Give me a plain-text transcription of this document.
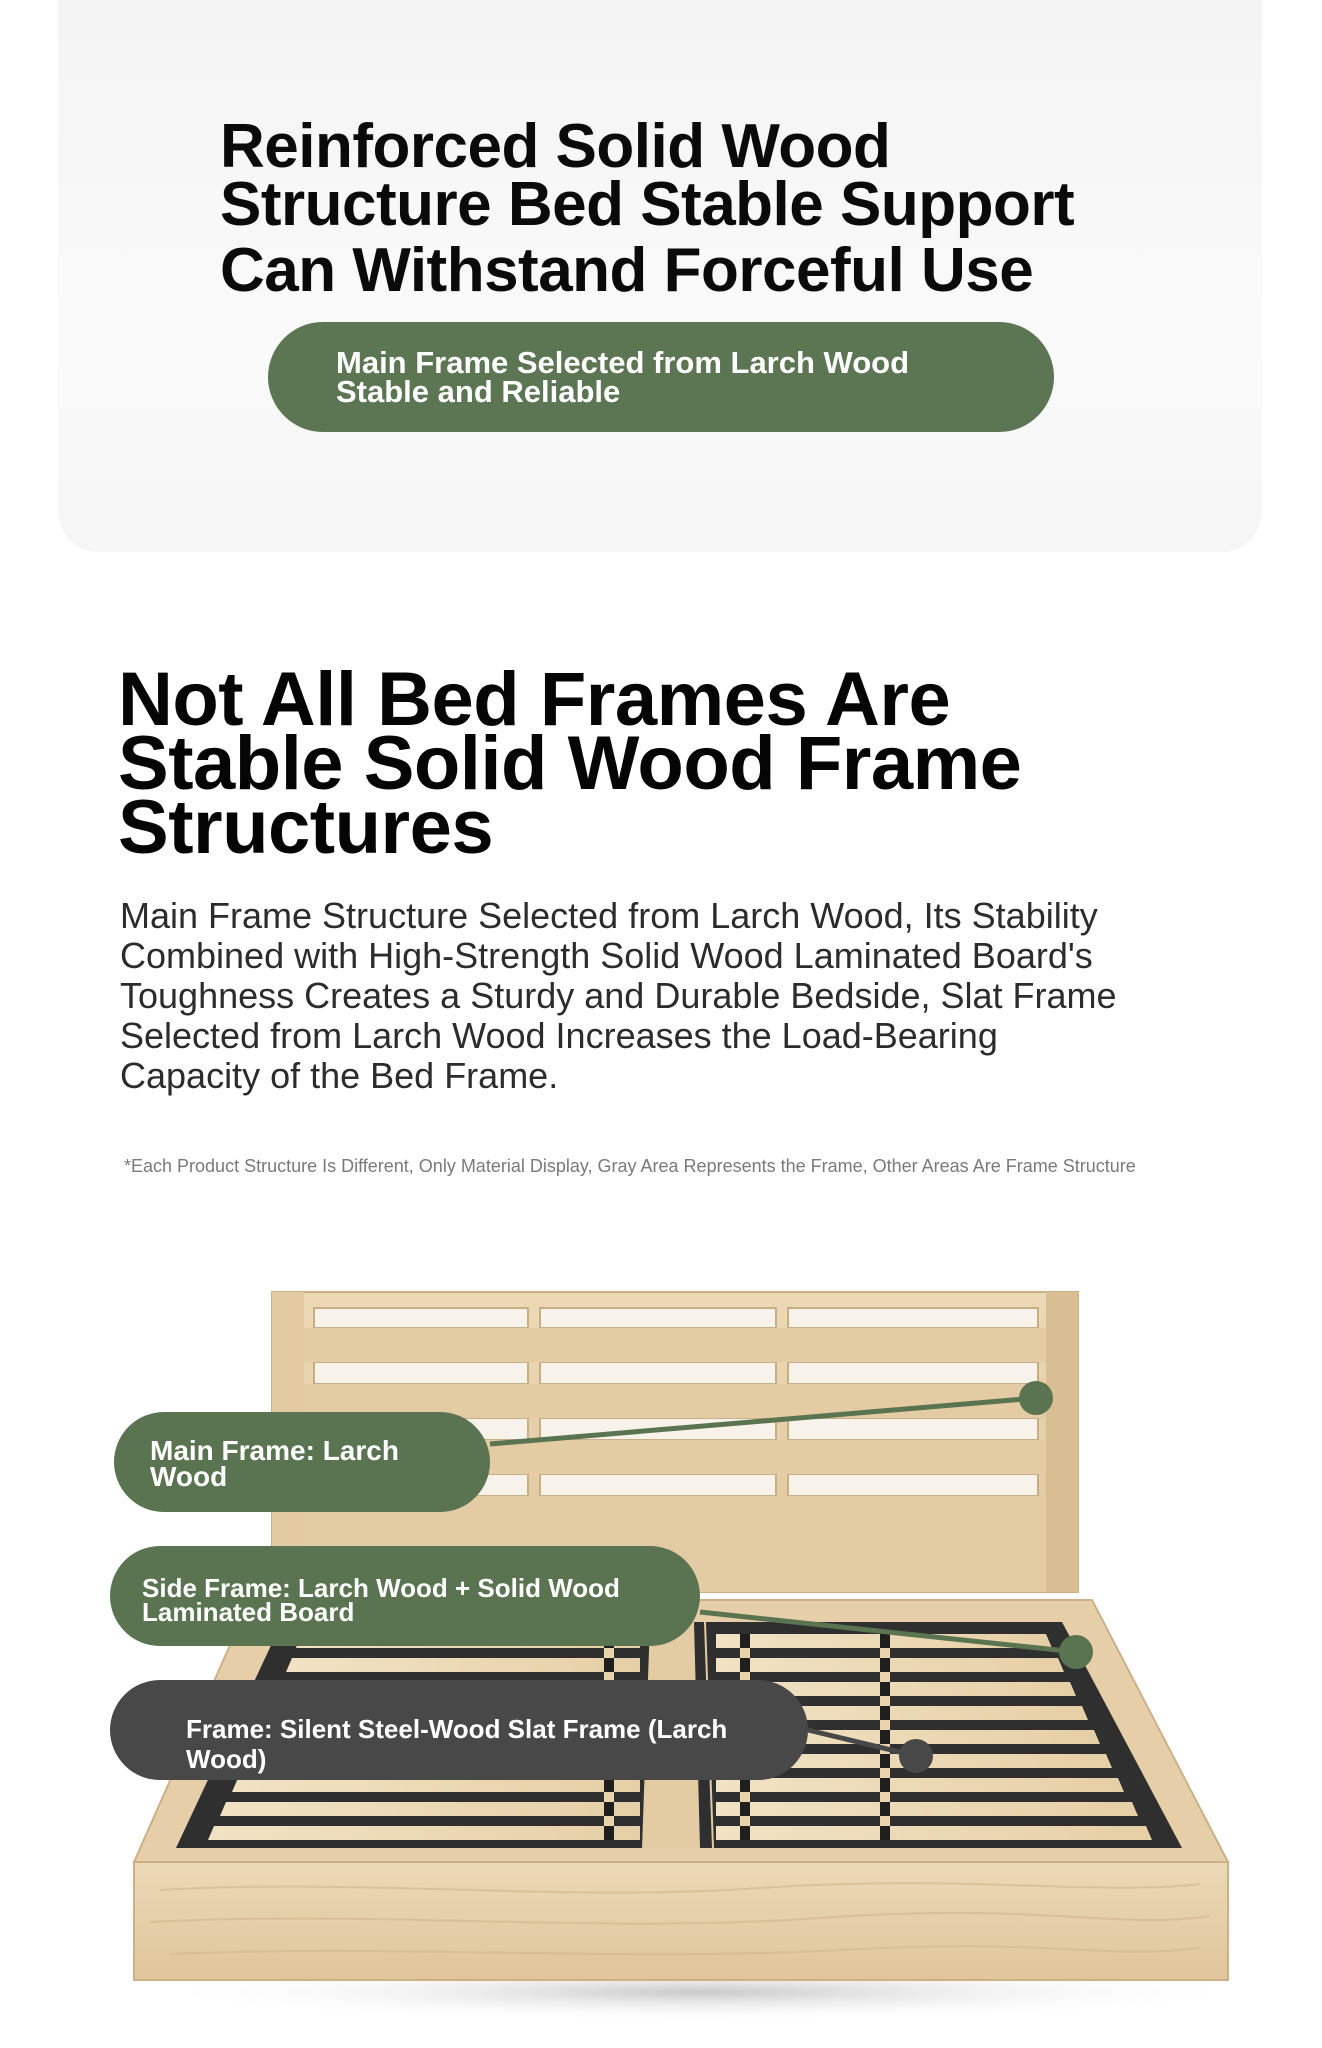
Reinforced Solid Wood
Structure Bed Stable Support
Can Withstand Forceful Use
Main Frame Selected from Larch Wood
Stable and Reliable
Not All Bed Frames Are
Stable Solid Wood Frame
Structures

Main Frame Structure Selected from Larch Wood, Its Stability
Combined with High-Strength Solid Wood Laminated Board's
Toughness Creates a Sturdy and Durable Bedside, Slat Frame
Selected from Larch Wood Increases the Load-Bearing
Capacity of the Bed Frame.

*Each Product Structure Is Different, Only Material Display, Gray Area Represents the Frame, Other Areas Are Frame Structure
Main Frame: Larch
Wood
Side Frame: Larch Wood + Solid Wood
Laminated Board
Frame: Silent Steel-Wood Slat Frame (Larch Wood)
